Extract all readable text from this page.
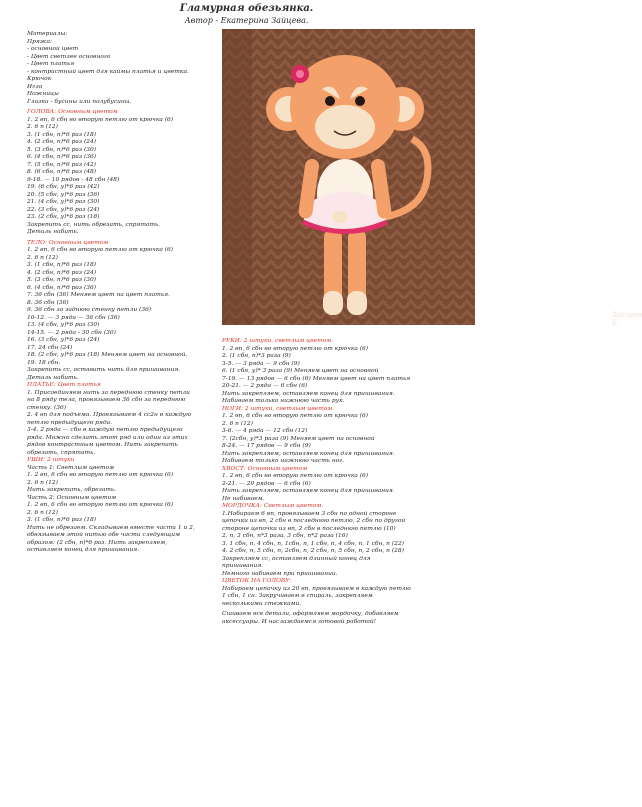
Гламурная обезьянка.
Автор - Екатерина Зайцева.
Зайцева Е.
Материалы:
Пряжа:
- основной цвет
- Цвет светлее основного
- Цвет платья
- контрастный цвет для каймы платья и цветка.
Крючок
Игла
Ножницы
Глазки - бусины или полубусины.
ГОЛОВА: Основным цветом
1. 2 вп, 6 сбн во вторую петлю от крючка (6)
2. 6 п (12)
3. (1 сбн, п)*6 раз (18)
4. (2 сбн, п)*6 раз (24)
5. (3 сбн, п)*6 раз (30)
6. (4 сбн, п)*6 раз (36)
7. (5 сбн, п)*6 раз (42)
8. (6 сбн, п)*6 раз (48)
9-18. — 10 рядов - 48 сбн (48)
19. (6 сбн, у)*6 раз (42)
20. (5 сбн, у)*6 раз (36)
21. (4 сбн, у)*6 раз (30)
22. (3 сбн, у)*6 раз (24)
23. (2 сбн, у)*6 раз (18)
Закрепить сс, нить обрезать, спрятать.
Деталь набить.
ТЕЛО: Основным цветом
1. 2 вп, 6 сбн во вторую петлю от крючка (6)
2. 6 п (12)
3. (1 сбн, п)*6 раз (18)
4. (2 сбн, п)*6 раз (24)
5. (3 сбн, п)*6 раз (30)
6. (4 сбн, п)*6 раз (36)
7. 36 сбн (36) Меняем цвет на цвет платья.
8. 36 сбн (36)
9. 36 сбн за заднюю стенку петли (36)
10-12. — 3 ряда — 36 сбн (36)
13. (4 сбн, у)*6 раз (30)
14-15. — 2 ряда - 30 сбн (30)
16. (3 сбн, у)*6 раз (24)
17. 24 сбн (24)
18. (2 сбн, у)*6 раз (18) Меняем цвет на основной.
19. 18 сбн.
Закрепить сс, оставить нить для пришивания.
Деталь набить.
ПЛАТЬЕ: Цвет платья
1. Присоединяем нить за переднюю стенку петли
на 8 ряду тела, провязываем 36 сбн за переднюю
стенку. (36)
2. 4 вп для подъема. Провязываем 4 сс2н в каждую
петлю предыдущего ряда.
3-4. 2 ряда — сбн в каждую петлю предыдущего
ряда. Можно сделать этот ряд или один из этих
рядов контрастным цветом. Нить закрепить
обрезать, спрятать.
УШИ: 2 штуки
Часть 1: Светлым цветом
1. 2 вп, 6 сбн во вторую петлю от крючка (6)
2. 6 п (12)
Нить закрепить, обрезать.
Часть 2: Основным цветом
1. 2 вп, 6 сбн во вторую петлю от крючка (6)
2. 6 п (12)
3. (1 сбн, п)*6 раз (18)
Нить не обрезаем. Складываем вместе части 1 и 2,
обвязываем этой нитью обе части следующим
образом: (2 сбн, п)*6 раз. Нить закрепляем,
оставляем конец для пришивания.
РУКИ: 2 штуки, светлым цветом.
1. 2 вп, 6 сбн во вторую петлю от крючка (6)
2. (1 сбн, п)*3 раза (9)
3-5. — 3 ряда — 9 сбн (9)
6. (1 сбн, у)* 3 раза (9) Меняем цвет на основной
7-19. — 13 рядов — 6 сбн (6) Меняем цвет на цвет платья
20-21. — 2 ряда — 6 сбн (6)
Нить закрепляем, оставляем конец для пришивания.
Набиваем только нижнюю часть рук.
НОГИ: 2 штуки, светлым цветом.
1. 2 вп, 6 сбн во вторую петлю от крючка (6)
2. 6 п (12)
3-6. — 4 ряда — 12 сбн (12)
7. (2сбн, у)*3 раза (9) Меняем цвет на основной
8-24. — 17 рядов — 9 сбн (9)
Нить закрепляем, оставляем конец для пришивания.
Набиваем только нижнюю часть ног.
ХВОСТ: Основным цветом
1. 2 вп, 6 сбн во вторую петлю от крючка (6)
2-21. — 20 рядов — 6 сбн (6)
Нить закрепляем, оставляем конец для пришивания.
Не набиваем.
МОРДОЧКА: Светлым цветом.
1.Набираем 6 вп, провязываем 3 сбн по одной стороне
цепочки из вп, 2 сбн в последнюю петлю, 2 сбн по другой
стороне цепочки из вп, 2 сбн в последнюю петлю (10)
2. п, 3 сбн, п*3 раза, 3 сбн, п*2 раза (16)
3. 1 сбн, п, 4 сбн, п, 1сбн, п, 1 сбн, п, 4 сбн, п, 1 сбн, п (22)
4. 2 сбн, п, 5 сбн, п, 2сбн, п, 2 сбн, п, 5 сбн, п, 2 сбн, п (28)
Закрепляем сс, оставляем длинный конец для
пришивания.
Немного набиваем при пришивании.
ЦВЕТОК НА ГОЛОВУ:
Набираем цепочку из 20 вп, провязываем в каждую петлю
1 сбн, 1 сн. Закручиваем в спираль, закрепляем
несколькими стежками.
Сшиваем все детали, оформляем мордочку, добавляем
аксессуары. И наслаждаемся готовой работой!
